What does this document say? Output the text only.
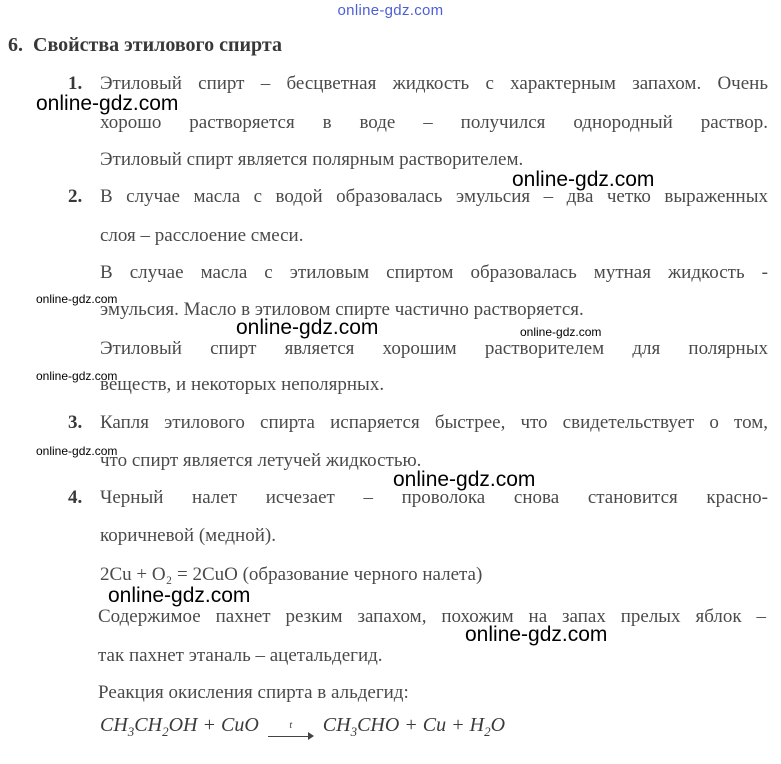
online-gdz.com
6. Свойства этилового спирта
1. Этиловый спирт – бесцветная жидкость с характерным запахом. Очень
хорошо растворяется в воде – получился однородный раствор.
Этиловый спирт является полярным растворителем.
2. В случае масла с водой образовалась эмульсия – два четко выраженных
слоя – расслоение смеси.
В случае масла с этиловым спиртом образовалась мутная жидкость -
эмульсия. Масло в этиловом спирте частично растворяется.
Этиловый спирт является хорошим растворителем для полярных
веществ, и некоторых неполярных.
3. Капля этилового спирта испаряется быстрее, что свидетельствует о том,
что спирт является летучей жидкостью.
4. Черный налет исчезает – проволока снова становится красно-
коричневой (медной).
2Cu + O₂ = 2CuO (образование черного налета)
Содержимое пахнет резким запахом, похожим на запах прелых яблок –
так пахнет этаналь – ацетальдегид.
Реакция окисления спирта в альдегид:
$CH_3CH_2OH$ + CuO	t	$CH_3CHO + Cu + H_2O$
online-gdz.com
online-gdz.com
online-gdz.com
online-gdz.com	online-gdz.com
online-gdz.com
online-gdz.com
online-gdz.com
online-gdz.com
online-gdz.com
